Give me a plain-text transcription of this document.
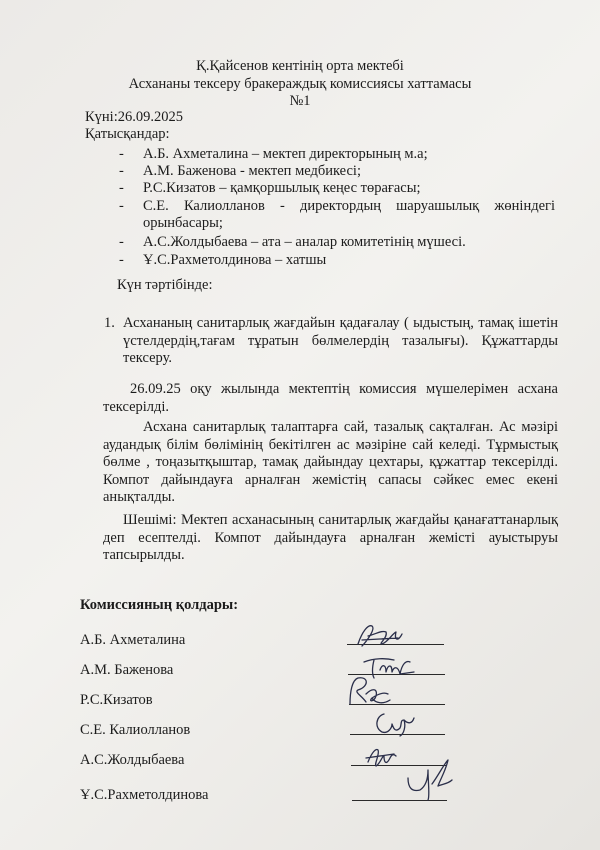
Қ.Қайсенов кентінің орта мектебі
Асхананы тексеру бракераждық комиссиясы хаттамасы
№1
Күні:26.09.2025
Қатысқандар:
- А.Б. Ахметалина – мектеп директорының м.а;
- А.М. Баженова - мектеп медбикесі;
- Р.С.Кизатов – қамқоршылық кеңес төрағасы;
- С.Е. Калиолланов - директордың шаруашылық жөніндегі орынбасары;
- А.С.Жолдыбаева – ата – аналар комитетінің мүшесі.
- Ұ.С.Рахметолдинова – хатшы
Күн тәртібінде:
1. Асхананың санитарлық жағдайын қадағалау ( ыдыстың, тамақ ішетін үстелдердің,тағам тұратын бөлмелердің тазалығы). Құжаттарды тексеру.
26.09.25 оқу жылында мектептің комиссия мүшелерімен асхана тексерілді.
Асхана санитарлық талаптарға сай, тазалық сақталған. Ас мәзірі аудандық білім бөлімінің бекітілген ас мәзіріне сай келеді. Тұрмыстық бөлме , тоңазытқыштар, тамақ дайындау цехтары, құжаттар тексерілді. Компот дайындауға арналған жемістің сапасы сәйкес емес екені анықталды.
Шешімі: Мектеп асханасының санитарлық жағдайы қанағаттанарлық деп есептелді. Компот дайындауға арналған жемісті ауыстыруы тапсырылды.
Комиссияның қолдары:
А.Б. Ахметалина
А.М. Баженова
Р.С.Кизатов
С.Е. Калиолланов
А.С.Жолдыбаева
Ұ.С.Рахметолдинова
